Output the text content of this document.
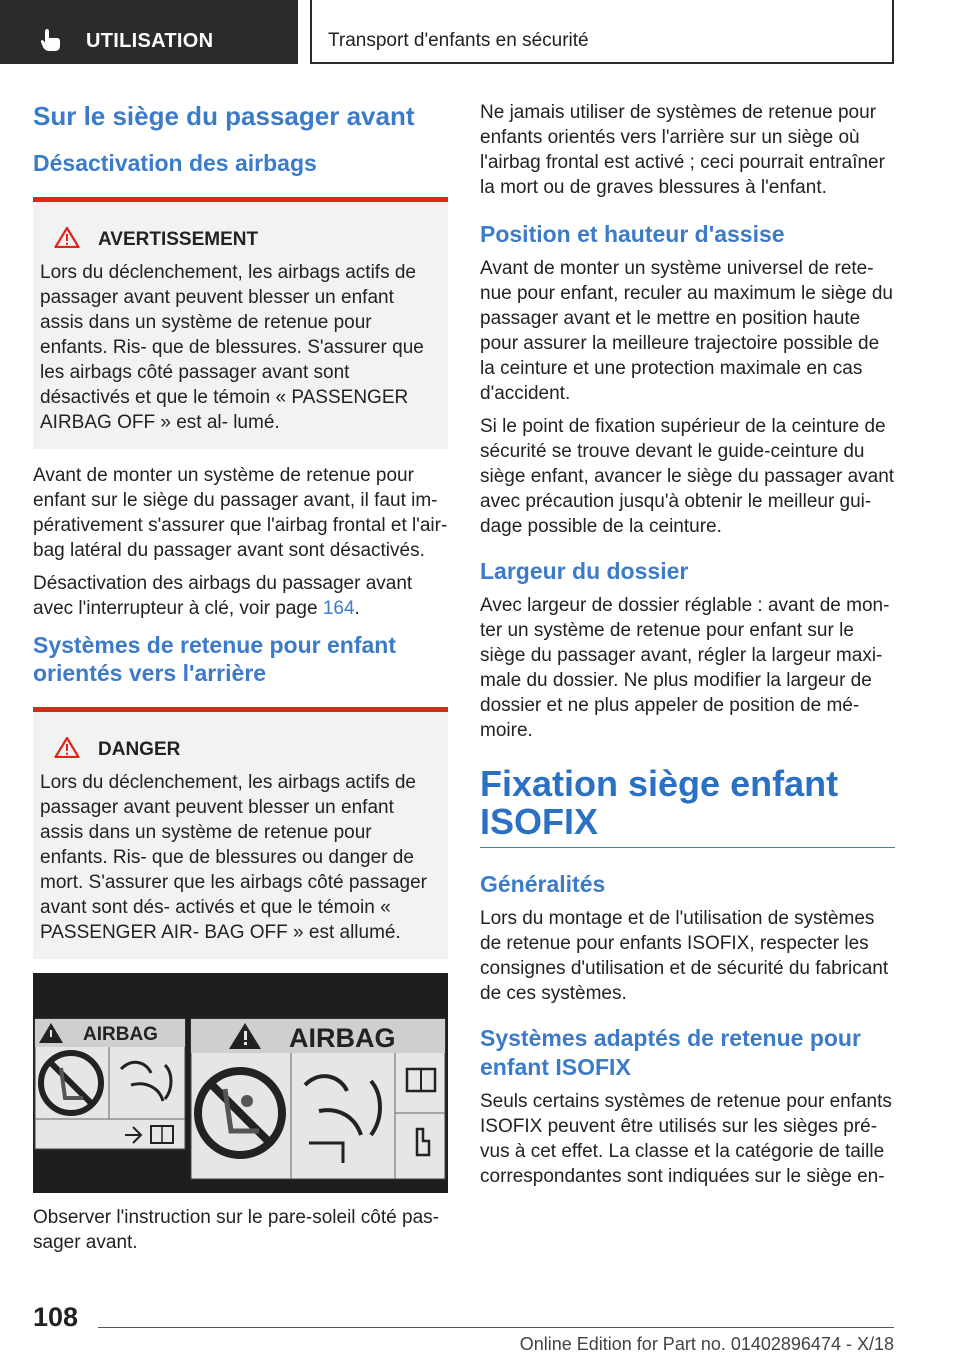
UTILISATION	Transport d'enfants en sécurité
Sur le siège du passager avant
Désactivation des airbags
AVERTISSEMENT

Lors du déclenchement, les airbags actifs de passager avant peuvent blesser un enfant assis dans un système de retenue pour enfants. Ris‐ que de blessures. S'assurer que les airbags côté passager avant sont désactivés et que le témoin « PASSENGER AIRBAG OFF » est al‐ lumé.

Avant de monter un système de retenue pour enfant sur le siège du passager avant, il faut im‐ pérativement s'assurer que l'airbag frontal et l'air‐ bag latéral du passager avant sont désactivés.

Désactivation des airbags du passager avant avec l'interrupteur à clé, voir page 164.

Systèmes de retenue pour enfant orientés vers l'arrière
DANGER

Lors du déclenchement, les airbags actifs de passager avant peuvent blesser un enfant assis dans un système de retenue pour enfants. Ris‐ que de blessures ou danger de mort. S'assurer que les airbags côté passager avant sont dés‐ activés et que le témoin « PASSENGER AIR‐ BAG OFF » est allumé.

AIRBAG	AIRBAG

Observer l'instruction sur le pare-soleil côté pas‐ sager avant.

Ne jamais utiliser de systèmes de retenue pour enfants orientés vers l'arrière sur un siège où l'airbag frontal est activé ; ceci pourrait entraîner la mort ou de graves blessures à l'enfant.

Position et hauteur d'assise

Avant de monter un système universel de rete‐ nue pour enfant, reculer au maximum le siège du passager avant et le mettre en position haute pour assurer la meilleure trajectoire possible de la ceinture et une protection maximale en cas d'accident.

Si le point de fixation supérieur de la ceinture de sécurité se trouve devant le guide-ceinture du siège enfant, avancer le siège du passager avant avec précaution jusqu'à obtenir le meilleur gui‐ dage possible de la ceinture.

Largeur du dossier

Avec largeur de dossier réglable : avant de mon‐ ter un système de retenue pour enfant sur le siège du passager avant, régler la largeur maxi‐ male du dossier. Ne plus modifier la largeur de dossier et ne plus appeler de position de mé‐ moire.

Fixation siège enfant ISOFIX
Généralités

Lors du montage et de l'utilisation de systèmes de retenue pour enfants ISOFIX, respecter les consignes d'utilisation et de sécurité du fabricant de ces systèmes.

Systèmes adaptés de retenue pour enfant ISOFIX

Seuls certains systèmes de retenue pour enfants ISOFIX peuvent être utilisés sur les sièges pré‐ vus à cet effet. La classe et la catégorie de taille correspondantes sont indiquées sur le siège en‐

108
Online Edition for Part no. 01402896474 - X/18
